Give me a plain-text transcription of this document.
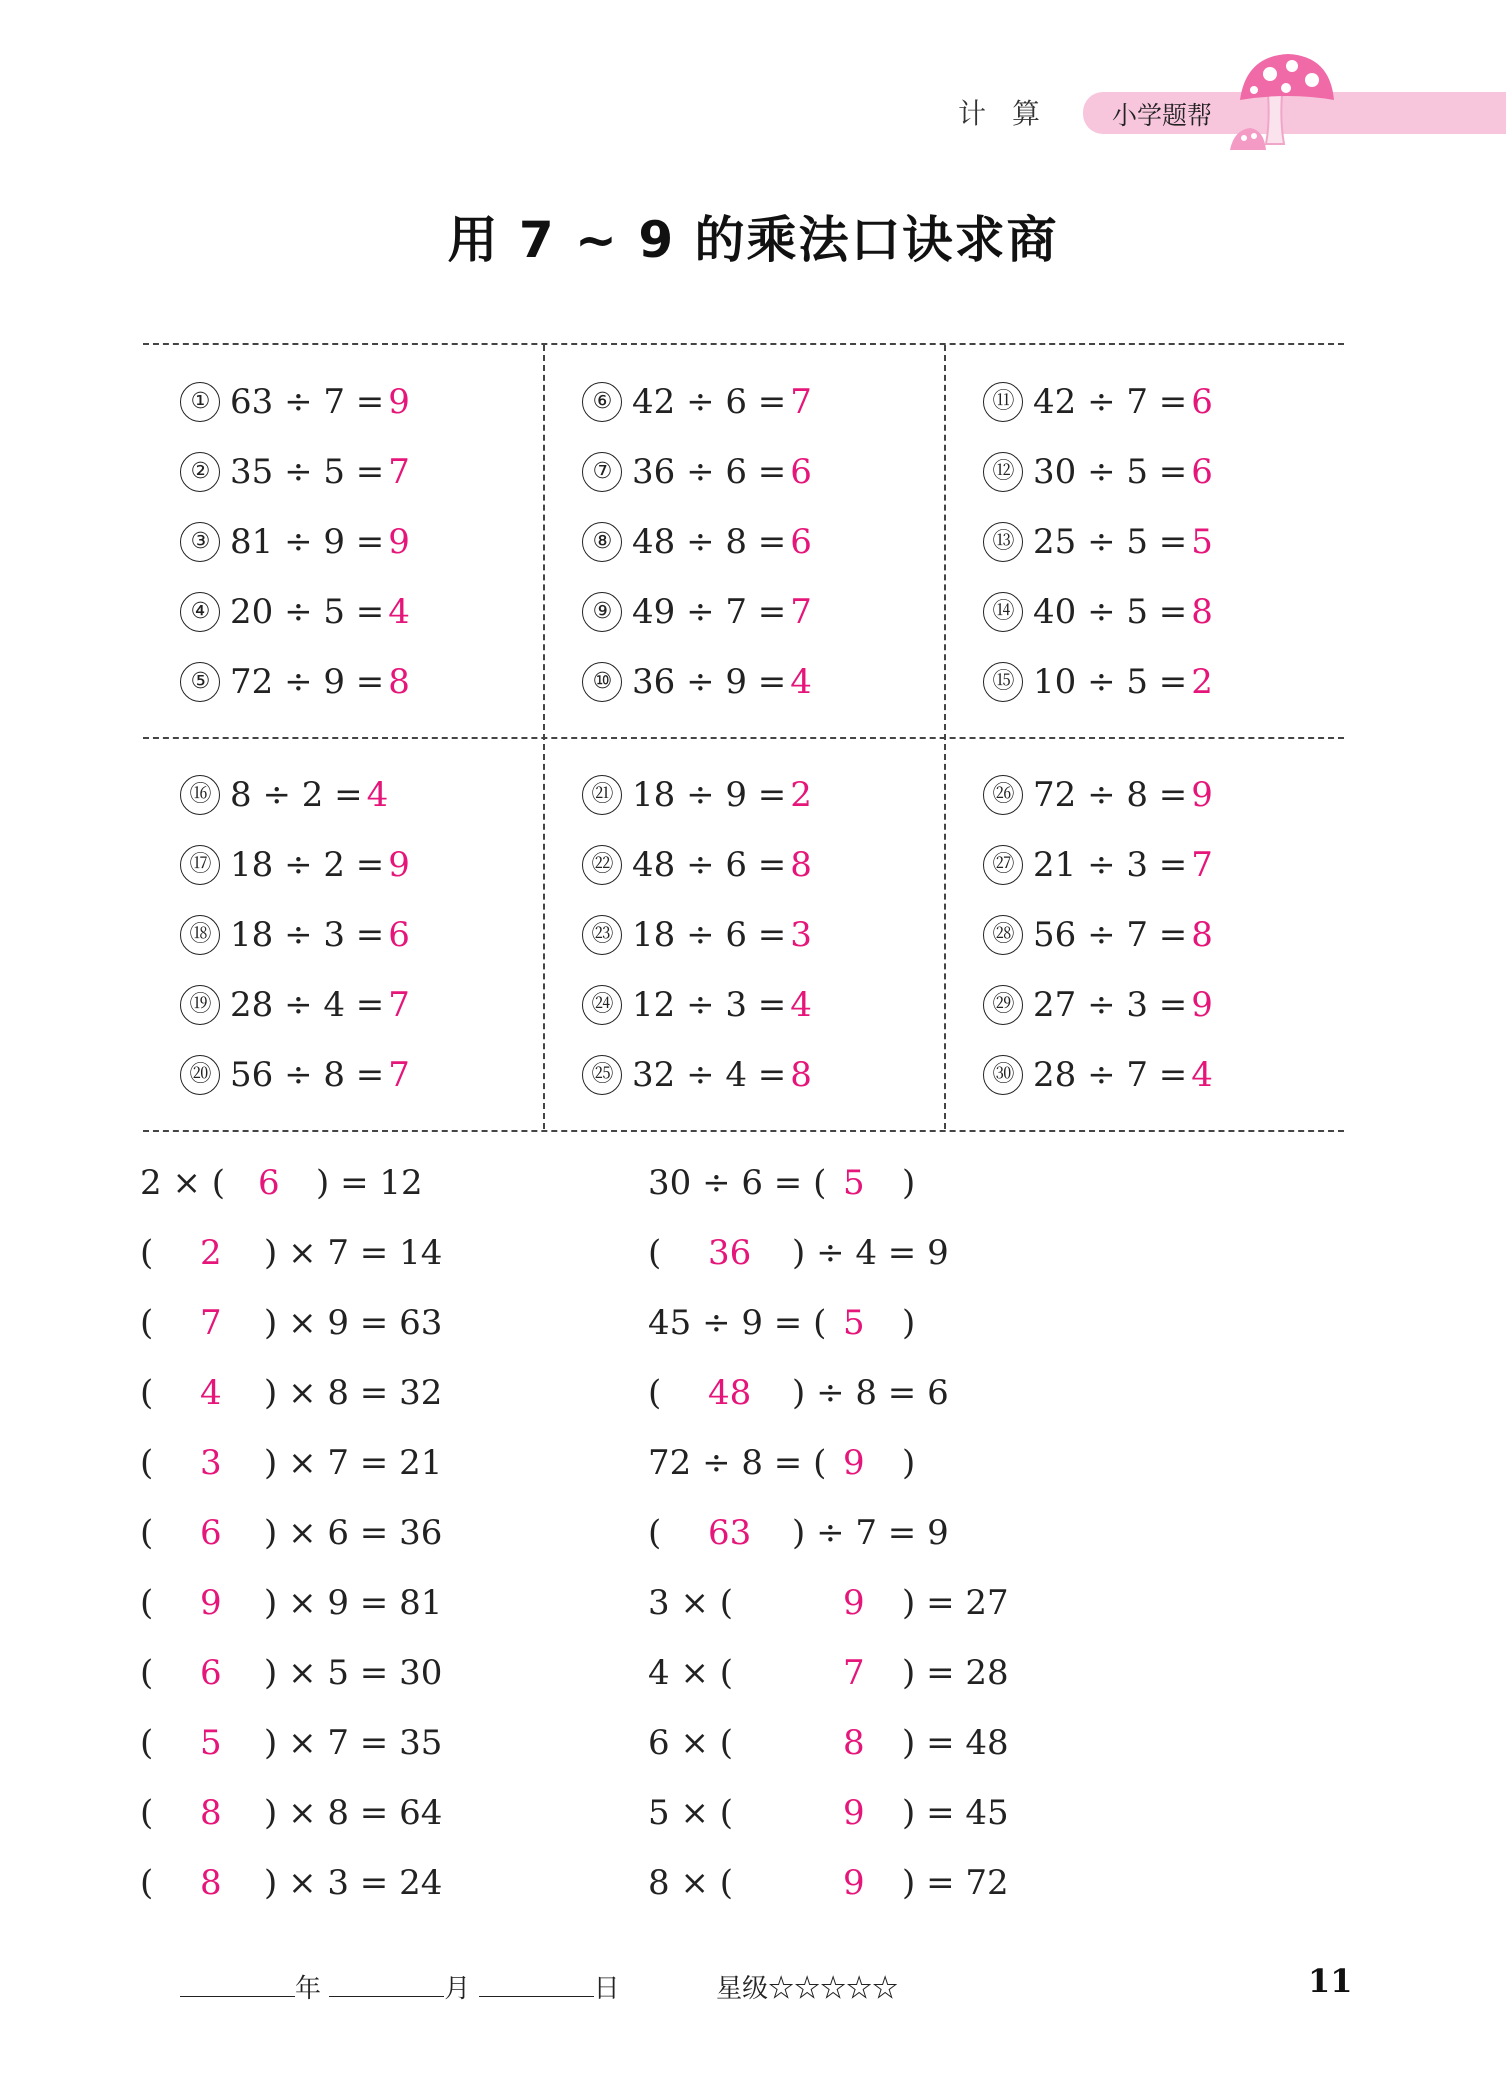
计算 小学题帮
用 7 ~ 9 的乘法口诀求商
① 63 ÷ 7 = 9
② 35 ÷ 5 = 7
③ 81 ÷ 9 = 9
④ 20 ÷ 5 = 4
⑤ 72 ÷ 9 = 8
⑥ 42 ÷ 6 = 7
⑦ 36 ÷ 6 = 6
⑧ 48 ÷ 8 = 6
⑨ 49 ÷ 7 = 7
⑩ 36 ÷ 9 = 4
⑪ 42 ÷ 7 = 6
⑫ 30 ÷ 5 = 6
⑬ 25 ÷ 5 = 5
⑭ 40 ÷ 5 = 8
⑮ 10 ÷ 5 = 2
⑯ 8 ÷ 2 = 4
⑰ 18 ÷ 2 = 9
⑱ 18 ÷ 3 = 6
⑲ 28 ÷ 4 = 7
⑳ 56 ÷ 8 = 7
㉑ 18 ÷ 9 = 2
㉒ 48 ÷ 6 = 8
㉓ 18 ÷ 6 = 3
㉔ 12 ÷ 3 = 4
㉕ 32 ÷ 4 = 8
㉖ 72 ÷ 8 = 9
㉗ 21 ÷ 3 = 7
㉘ 56 ÷ 7 = 8
㉙ 27 ÷ 3 = 9
㉚ 28 ÷ 7 = 4
2 × ( 6 ) = 12
( 2 ) × 7 = 14
( 7 ) × 9 = 63
( 4 ) × 8 = 32
( 3 ) × 7 = 21
( 6 ) × 6 = 36
( 9 ) × 9 = 81
( 6 ) × 5 = 30
( 5 ) × 7 = 35
( 8 ) × 8 = 64
( 8 ) × 3 = 24
30 ÷ 6 = ( 5 )
( 36 ) ÷ 4 = 9
45 ÷ 9 = ( 5 )
( 48 ) ÷ 8 = 6
72 ÷ 8 = ( 9 )
( 63 ) ÷ 7 = 9
3 × (	9 ) = 27
4 × (	7 ) = 28
6 × (	8 ) = 48
5 × (	9 ) = 45
8 × (	9 ) = 72
年	月	日	星级☆☆☆☆☆	11
